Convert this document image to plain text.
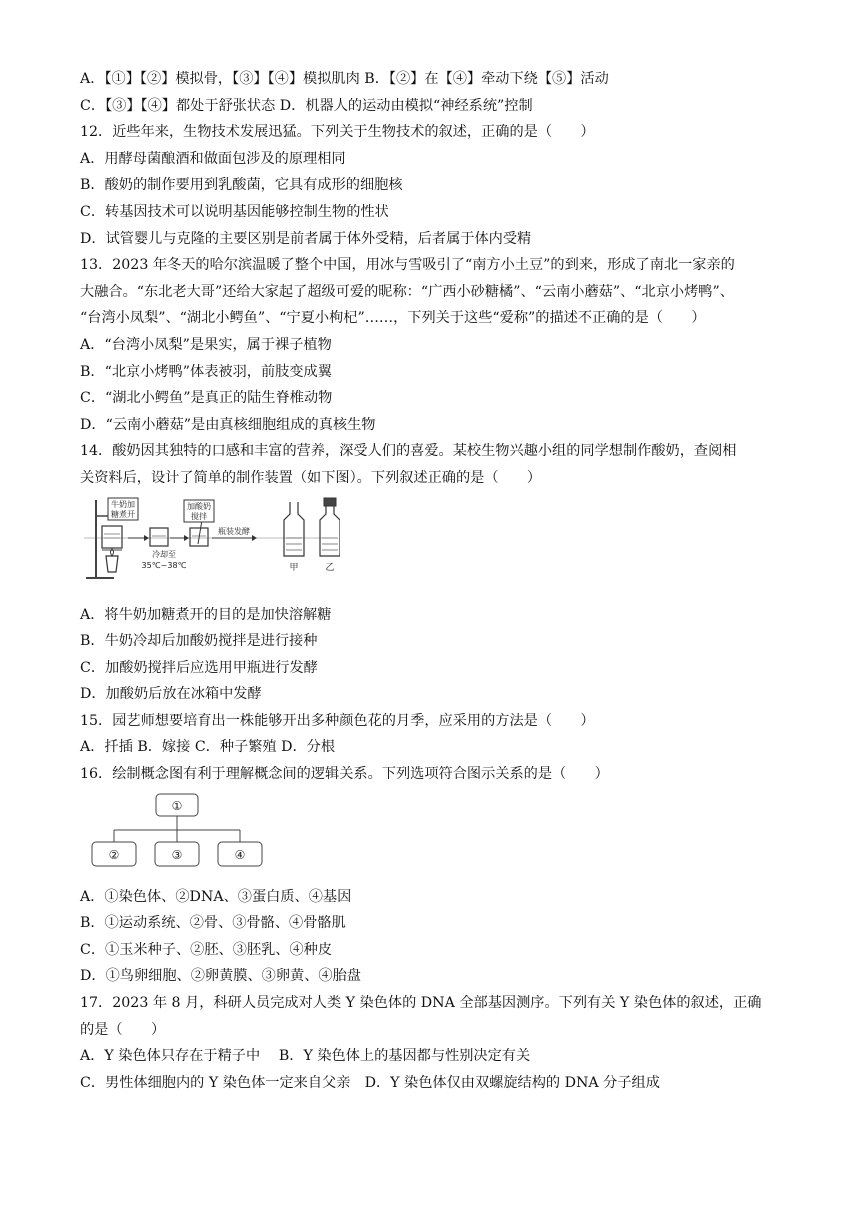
A．【①】【②】模拟骨，【③】【④】模拟肌肉 B．【②】在【④】牵动下绕【⑤】活动
C．【③】【④】都处于舒张状态 D．机器人的运动由模拟“神经系统”控制
12．近些年来，生物技术发展迅猛。下列关于生物技术的叙述，正确的是（　　）
A．用酵母菌酿酒和做面包涉及的原理相同
B．酸奶的制作要用到乳酸菌，它具有成形的细胞核
C．转基因技术可以说明基因能够控制生物的性状
D．试管婴儿与克隆的主要区别是前者属于体外受精，后者属于体内受精
13．2023 年冬天的哈尔滨温暖了整个中国，用冰与雪吸引了“南方小土豆”的到来，形成了南北一家亲的
大融合。“东北老大哥”还给大家起了超级可爱的昵称：“广西小砂糖橘”、“云南小蘑菇”、“北京小烤鸭”、
“台湾小凤梨”、“湖北小鳄鱼”、“宁夏小枸杞”……，下列关于这些“爱称”的描述不正确的是（　　）
A．“台湾小凤梨”是果实，属于裸子植物
B．“北京小烤鸭”体表被羽，前肢变成翼
C．“湖北小鳄鱼”是真正的陆生脊椎动物
D．“云南小蘑菇”是由真核细胞组成的真核生物
14．酸奶因其独特的口感和丰富的营养，深受人们的喜爱。某校生物兴趣小组的同学想制作酸奶，查阅相
关资料后，设计了简单的制作装置（如下图）。下列叙述正确的是（　　）
牛奶加
糖煮开
冷却至
35℃~38℃
加酸奶
搅拌
瓶装发酵
甲	乙
A．将牛奶加糖煮开的目的是加快溶解糖
B．牛奶冷却后加酸奶搅拌是进行接种
C．加酸奶搅拌后应选用甲瓶进行发酵
D．加酸奶后放在冰箱中发酵
15．园艺师想要培育出一株能够开出多种颜色花的月季，应采用的方法是（　　）
A．扦插 B．嫁接 C．种子繁殖 D．分根
16．绘制概念图有利于理解概念间的逻辑关系。下列选项符合图示关系的是（　　）
①
②	③	④
A．①染色体、②DNA、③蛋白质、④基因
B．①运动系统、②骨、③骨骼、④骨骼肌
C．①玉米种子、②胚、③胚乳、④种皮
D．①鸟卵细胞、②卵黄膜、③卵黄、④胎盘
17．2023 年 8 月，科研人员完成对人类 Y 染色体的 DNA 全部基因测序。下列有关 Y 染色体的叙述，正确
的是（　　）
A．Y 染色体只存在于精子中　 B．Y 染色体上的基因都与性别决定有关
C．男性体细胞内的 Y 染色体一定来自父亲　D．Y 染色体仅由双螺旋结构的 DNA 分子组成
